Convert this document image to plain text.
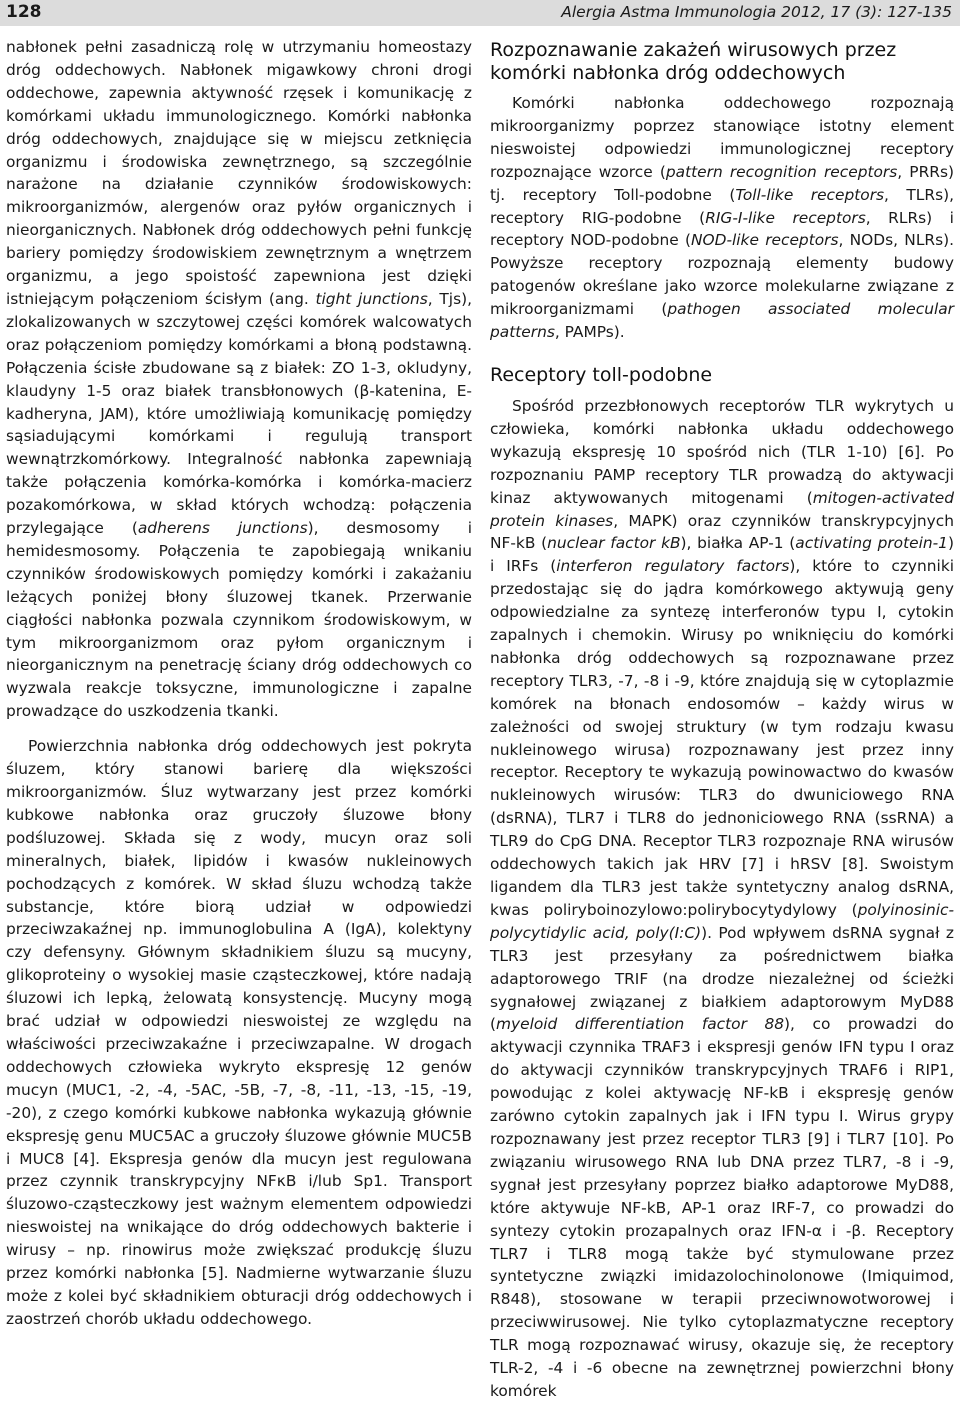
128	Alergia Astma Immunologia 2012, 17 (3): 127-135

nabłonek pełni zasadniczą rolę w utrzymaniu homeostazy dróg oddechowych. Nabłonek migawkowy chroni drogi oddechowe, zapewnia aktywność rzęsek i komunikację z komórkami układu immunologicznego. Komórki nabłonka dróg oddechowych, znajdujące się w miejscu zetknięcia organizmu i środowiska zewnętrznego, są szczególnie narażone na działanie czynników środowiskowych: mikroorganizmów, alergenów oraz pyłów organicznych i nieorganicznych. Nabłonek dróg oddechowych pełni funkcję bariery pomiędzy środowiskiem zewnętrznym a wnętrzem organizmu, a jego spoistość zapewniona jest dzięki istniejącym połączeniom ścisłym (ang. tight junctions, Tjs), zlokalizowanych w szczytowej części komórek walcowatych oraz połączeniom pomiędzy komórkami a błoną podstawną. Połączenia ścisłe zbudowane są z białek: ZO 1-3, okludyny, klaudyny 1-5 oraz białek transbłonowych (β-katenina, E-kadheryna, JAM), które umożliwiają komunikację pomiędzy sąsiadującymi komórkami i regulują transport wewnątrzkomórkowy. Integralność nabłonka zapewniają także połączenia komórka-komórka i komórka-macierz pozakomórkowa, w skład których wchodzą: połączenia przylegające (adherens junctions), desmosomy i hemidesmosomy. Połączenia te zapobiegają wnikaniu czynników środowiskowych pomiędzy komórki i zakażaniu leżących poniżej błony śluzowej tkanek. Przerwanie ciągłości nabłonka pozwala czynnikom środowiskowym, w tym mikroorganizmom oraz pyłom organicznym i nieorganicznym na penetrację ściany dróg oddechowych co wyzwala reakcje toksyczne, immunologiczne i zapalne prowadzące do uszkodzenia tkanki.

Powierzchnia nabłonka dróg oddechowych jest pokryta śluzem, który stanowi barierę dla większości mikroorganizmów. Śluz wytwarzany jest przez komórki kubkowe nabłonka oraz gruczoły śluzowe błony podśluzowej. Składa się z wody, mucyn oraz soli mineralnych, białek, lipidów i kwasów nukleinowych pochodzących z komórek. W skład śluzu wchodzą także substancje, które biorą udział w odpowiedzi przeciwzakaźnej np. immunoglobulina A (IgA), kolektyny czy defensyny. Głównym składnikiem śluzu są mucyny, glikoproteiny o wysokiej masie cząsteczkowej, które nadają śluzowi ich lepką, żelowatą konsystencję. Mucyny mogą brać udział w odpowiedzi nieswoistej ze względu na właściwości przeciwzakaźne i przeciwzapalne. W drogach oddechowych człowieka wykryto ekspresję 12 genów mucyn (MUC1, -2, -4, -5AC, -5B, -7, -8, -11, -13, -15, -19, -20), z czego komórki kubkowe nabłonka wykazują głównie ekspresję genu MUC5AC a gruczoły śluzowe głównie MUC5B i MUC8 [4]. Ekspresja genów dla mucyn jest regulowana przez czynnik transkrypcyjny NFκB i/lub Sp1. Transport śluzowo-cząsteczkowy jest ważnym elementem odpowiedzi nieswoistej na wnikające do dróg oddechowych bakterie i wirusy – np. rinowirus może zwiększać produkcję śluzu przez komórki nabłonka [5]. Nadmierne wytwarzanie śluzu może z kolei być składnikiem obturacji dróg oddechowych i zaostrzeń chorób układu oddechowego.

Rozpoznawanie zakażeń wirusowych przez komórki nabłonka dróg oddechowych

Komórki nabłonka oddechowego rozpoznają mikroorganizmy poprzez stanowiące istotny element nieswoistej odpowiedzi immunologicznej receptory rozpoznające wzorce (pattern recognition receptors, PRRs) tj. receptory Toll-podobne (Toll-like receptors, TLRs), receptory RIG-podobne (RIG-I-like receptors, RLRs) i receptory NOD-podobne (NOD-like receptors, NODs, NLRs). Powyższe receptory rozpoznają elementy budowy patogenów określane jako wzorce molekularne związane z mikroorganizmami (pathogen associated molecular patterns, PAMPs).

Receptory toll-podobne

Spośród przezbłonowych receptorów TLR wykrytych u człowieka, komórki nabłonka układu oddechowego wykazują ekspresję 10 spośród nich (TLR 1-10) [6]. Po rozpoznaniu PAMP receptory TLR prowadzą do aktywacji kinaz aktywowanych mitogenami (mitogen-activated protein kinases, MAPK) oraz czynników transkrypcyjnych NF-kB (nuclear factor kB), białka AP-1 (activating protein-1) i IRFs (interferon regulatory factors), które to czynniki przedostając się do jądra komórkowego aktywują geny odpowiedzialne za syntezę interferonów typu I, cytokin zapalnych i chemokin. Wirusy po wniknięciu do komórki nabłonka dróg oddechowych są rozpoznawane przez receptory TLR3, -7, -8 i -9, które znajdują się w cytoplazmie komórek na błonach endosomów – każdy wirus w zależności od swojej struktury (w tym rodzaju kwasu nukleinowego wirusa) rozpoznawany jest przez inny receptor. Receptory te wykazują powinowactwo do kwasów nukleinowych wirusów: TLR3 do dwuniciowego RNA (dsRNA), TLR7 i TLR8 do jednoniciowego RNA (ssRNA) a TLR9 do CpG DNA. Receptor TLR3 rozpoznaje RNA wirusów oddechowych takich jak HRV [7] i hRSV [8]. Swoistym ligandem dla TLR3 jest także syntetyczny analog dsRNA, kwas poliryboinozylowo:polirybocytydylowy (polyinosinic-polycytidylic acid, poly(I:C)). Pod wpływem dsRNA sygnał z TLR3 jest przesyłany za pośrednictwem białka adaptorowego TRIF (na drodze niezależnej od ścieżki sygnałowej związanej z białkiem adaptorowym MyD88 (myeloid differentiation factor 88), co prowadzi do aktywacji czynnika TRAF3 i ekspresji genów IFN typu I oraz do aktywacji czynników transkrypcyjnych TRAF6 i RIP1, powodując z kolei aktywację NF-kB i ekspresję genów zarówno cytokin zapalnych jak i IFN typu I. Wirus grypy rozpoznawany jest przez receptor TLR3 [9] i TLR7 [10]. Po związaniu wirusowego RNA lub DNA przez TLR7, -8 i -9, sygnał jest przesyłany poprzez białko adaptorowe MyD88, które aktywuje NF-kB, AP-1 oraz IRF-7, co prowadzi do syntezy cytokin prozapalnych oraz IFN-α i -β. Receptory TLR7 i TLR8 mogą także być stymulowane przez syntetyczne związki imidazolochinolonowe (Imiquimod, R848), stosowane w terapii przeciwnowotworowej i przeciwwirusowej. Nie tylko cytoplazmatyczne receptory TLR mogą rozpoznawać wirusy, okazuje się, że receptory TLR-2, -4 i -6 obecne na zewnętrznej powierzchni błony komórek
